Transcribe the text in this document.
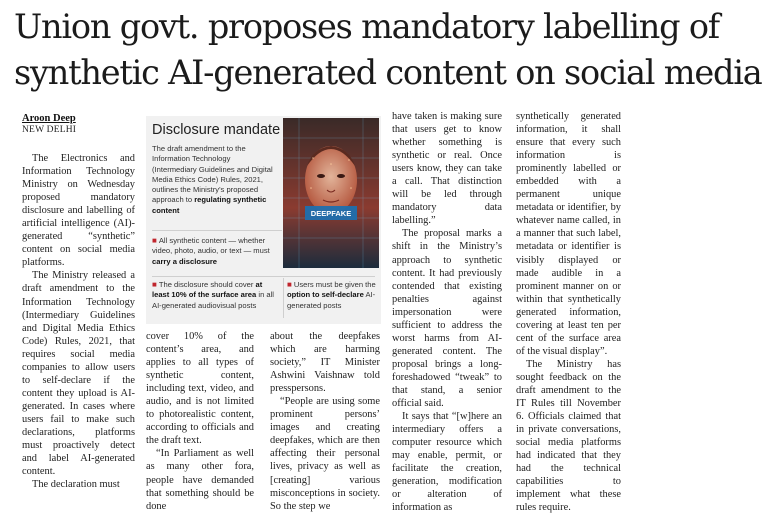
Union govt. proposes mandatory labelling of
synthetic AI-generated content on social media
Aroon Deep
NEW DELHI

The Electronics and Information Technology Ministry on Wednesday proposed mandatory disclosure and labelling of artificial intelligence (AI)-generated “synthetic” content on social media platforms.

The Ministry released a draft amendment to the Information Technology (Intermediary Guidelines and Digital Media Ethics Code) Rules, 2021, that requires social media companies to allow users to self-declare if the content they upload is AI-generated. In cases where users fail to make such declarations, platforms must proactively detect and label AI-generated content.

The declaration must

Disclosure mandate
The draft amendment to the Information Technology (Intermediary Guidelines and Digital Media Ethics Code) Rules, 2021, outlines the Ministry's proposed approach to regulating synthetic content	DEEPFAKE
■ All synthetic content — whether video, photo, audio, or text — must carry a disclosure
■ The disclosure should cover at least 10% of the surface area in all AI-generated audiovisual posts
■ Users must be given the option to self-declare AI-generated posts

cover 10% of the content’s area, and applies to all types of synthetic content, including text, video, and audio, and is not limited to photorealistic content, according to officials and the draft text.

“In Parliament as well as many other fora, people have demanded that something should be done

about the deepfakes which are harming society,” IT Minister Ashwini Vaishnaw told presspersons.

“People are using some prominent persons’ images and creating deepfakes, which are then affecting their personal lives, privacy as well as [creating] various misconceptions in society. So the step we

have taken is making sure that users get to know whether something is synthetic or real. Once users know, they can take a call. That distinction will be led through mandatory data labelling.”

The proposal marks a shift in the Ministry’s approach to synthetic content. It had previously contended that existing penalties against impersonation were sufficient to address the worst harms from AI-generated content. The proposal brings a long-foreshadowed “tweak” to that stand, a senior official said.

It says that “[w]here an intermediary offers a computer resource which may enable, permit, or facilitate the creation, generation, modification or alteration of information as

synthetically generated information, it shall ensure that every such information is prominently labelled or embedded with a permanent unique metadata or identifier, by whatever name called, in a manner that such label, metadata or identifier is visibly displayed or made audible in a prominent manner on or within that synthetically generated information, covering at least ten per cent of the surface area of the visual display”.

The Ministry has sought feedback on the draft amendment to the IT Rules till November 6. Officials claimed that in private conversations, social media platforms had indicated that they had the technical capabilities to implement what these rules require.
